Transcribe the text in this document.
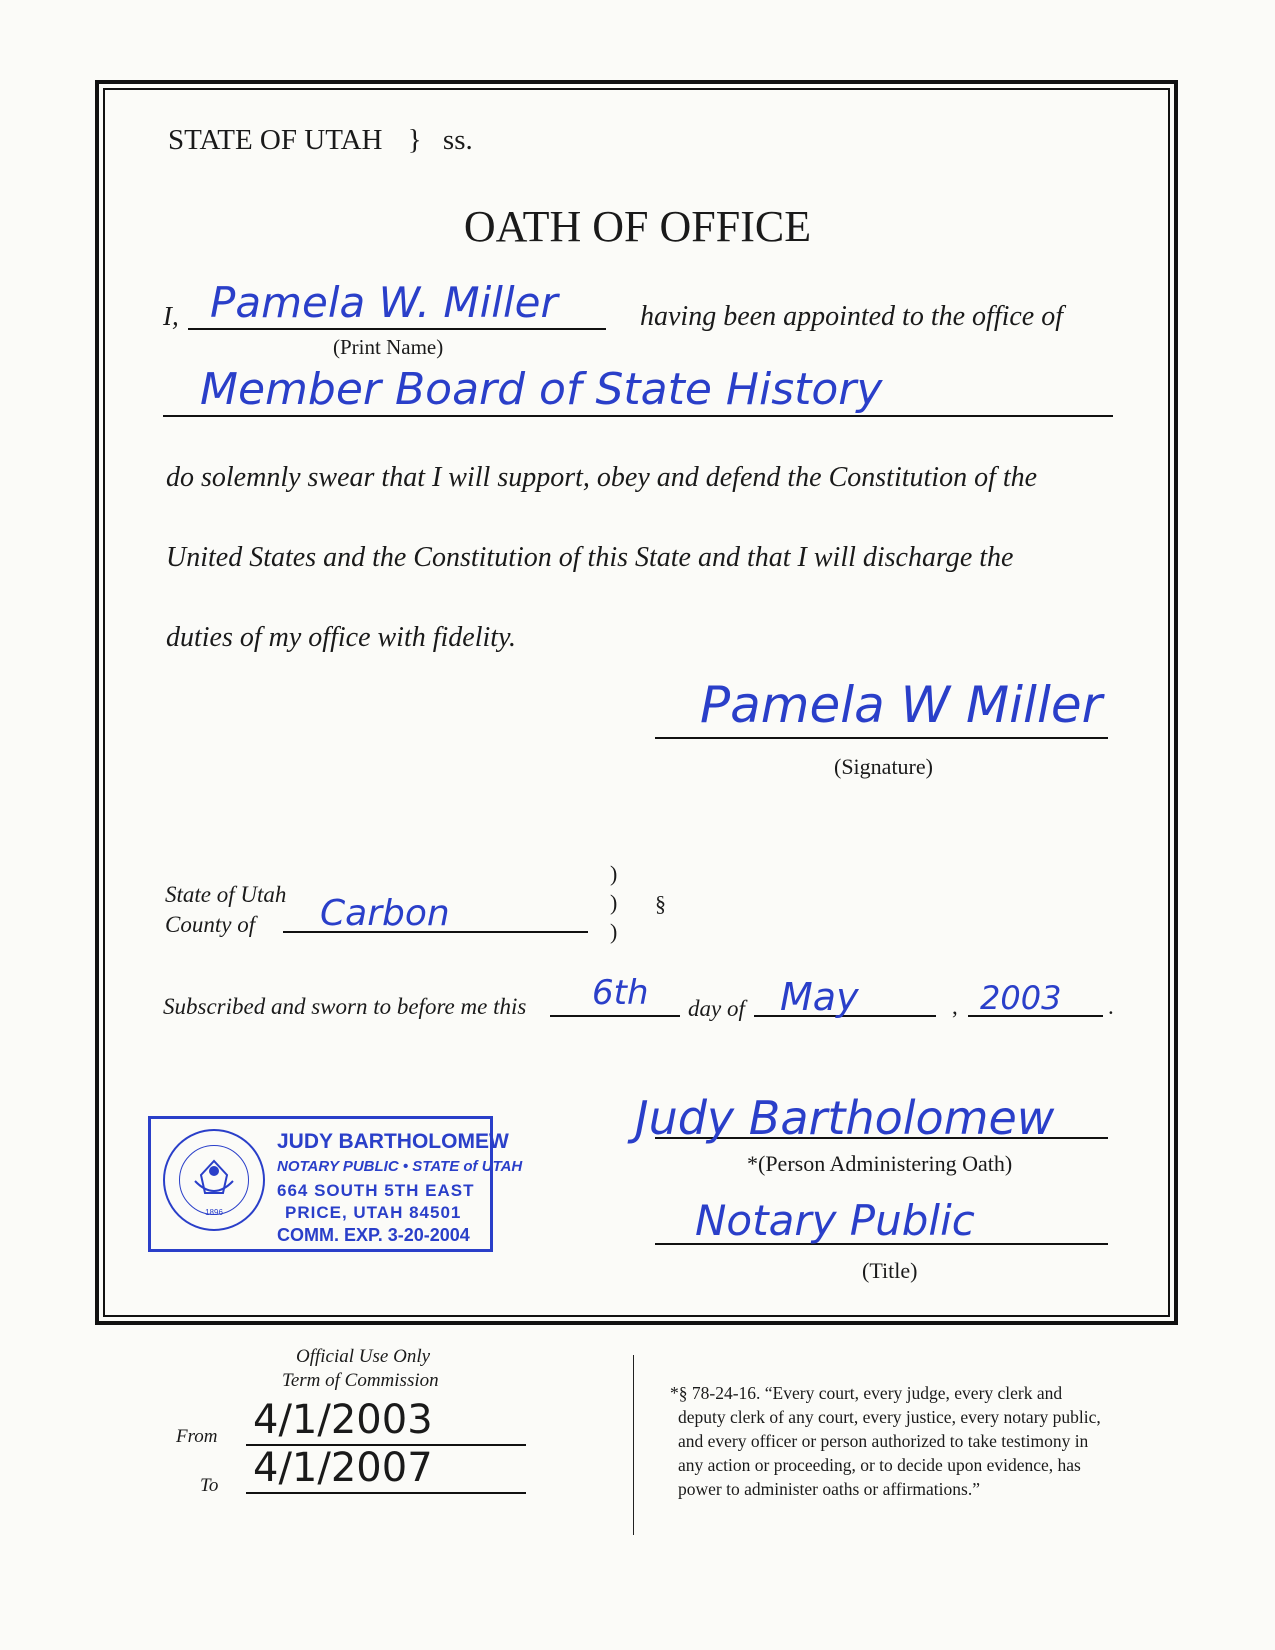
STATE OF UTAH } ss.
OATH OF OFFICE
I, Pamela W. Miller
(Print Name)
having been appointed to the office of
Member Board of State History
do solemnly swear that I will support, obey and defend the Constitution of the
United States and the Constitution of this State and that I will discharge the
duties of my office with fidelity.
Pamela W Miller
(Signature)
State of Utah
County of Carbon
)
)
)
§
Subscribed and sworn to before me this 6th day of May	, 2003 .
1896
JUDY BARTHOLOMEW
NOTARY PUBLIC • STATE of UTAH
664 SOUTH 5TH EAST
PRICE, UTAH 84501
COMM. EXP. 3-20-2004
Judy Bartholomew
*(Person Administering Oath)
Notary Public
(Title)
Official Use Only
Term of Commission
From 4/1/2003
To 4/1/2007
*§ 78-24-16. “Every court, every judge, every clerk and
deputy clerk of any court, every justice, every notary public,
and every officer or person authorized to take testimony in
any action or proceeding, or to decide upon evidence, has
power to administer oaths or affirmations.”
